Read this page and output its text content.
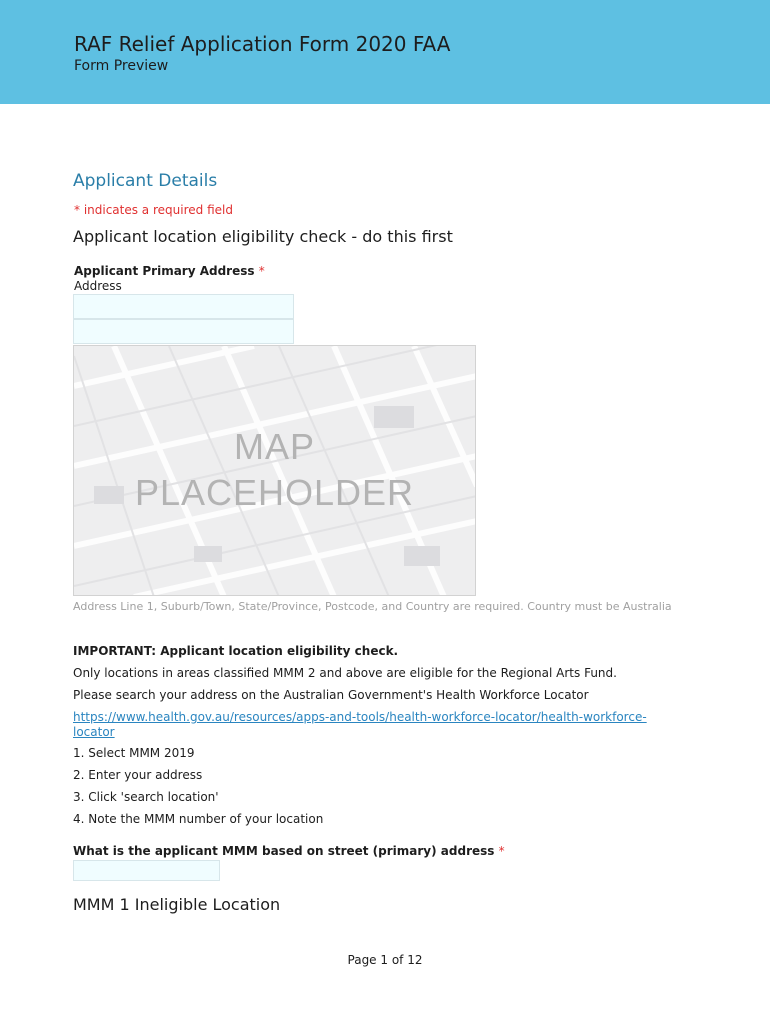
RAF Relief Application Form 2020 FAA
Form Preview
Applicant Details
* indicates a required field
Applicant location eligibility check - do this first
Applicant Primary Address *
Address
MAP
PLACEHOLDER
Address Line 1, Suburb/Town, State/Province, Postcode, and Country are required. Country must be Australia
IMPORTANT: Applicant location eligibility check.
Only locations in areas classified MMM 2 and above are eligible for the Regional Arts Fund.
Please search your address on the Australian Government's Health Workforce Locator
https://www.health.gov.au/resources/apps-and-tools/health-workforce-locator/health-workforce-locator
1. Select MMM 2019
2. Enter your address
3. Click 'search location'
4. Note the MMM number of your location
What is the applicant MMM based on street (primary) address *
MMM 1 Ineligible Location
Page 1 of 12
